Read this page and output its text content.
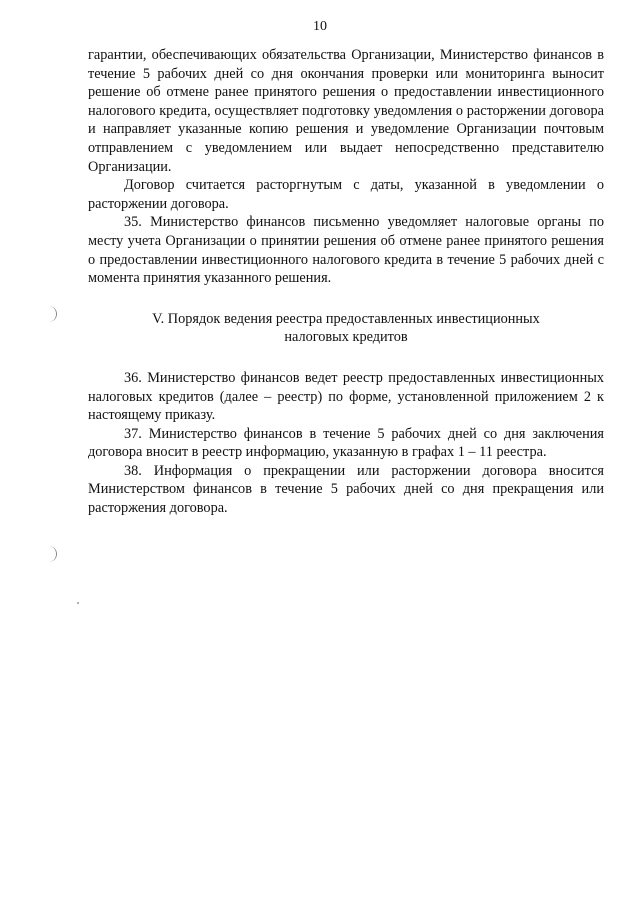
10

гарантии, обеспечивающих обязательства Организации, Министерство финансов в течение 5 рабочих дней со дня окончания проверки или мониторинга выносит решение об отмене ранее принятого решения о предоставлении инвестиционного налогового кредита, осуществляет подготовку уведомления о расторжении договора и направляет указанные копию решения и уведомление Организации почтовым отправлением с уведомлением или выдает непосредственно представителю Организации.

Договор считается расторгнутым с даты, указанной в уведомлении о расторжении договора.

35. Министерство финансов письменно уведомляет налоговые органы по месту учета Организации о принятии решения об отмене ранее принятого решения о предоставлении инвестиционного налогового кредита в течение 5 рабочих дней с момента принятия указанного решения.

V. Порядок ведения реестра предоставленных инвестиционных
налоговых кредитов

36. Министерство финансов ведет реестр предоставленных инвестиционных налоговых кредитов (далее – реестр) по форме, установленной приложением 2 к настоящему приказу.

37. Министерство финансов в течение 5 рабочих дней со дня заключения договора вносит в реестр информацию, указанную в графах 1 – 11 реестра.

38. Информация о прекращении или расторжении договора вносится Министерством финансов в течение 5 рабочих дней со дня прекращения или расторжения договора.
